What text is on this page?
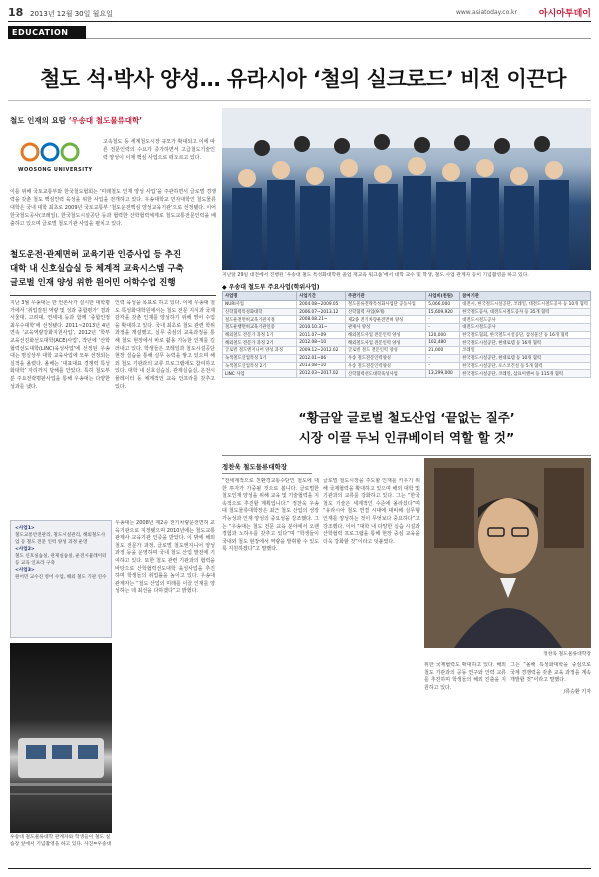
18 2013년 12월 30일 월요일	www.asiatoday.co.kr 아시아투데이
EDUCATION
철도 석·박사 양성… 유라시아 ‘철의 실크로드’ 비전 이끈다
철도 인재의 요람 ‘우송대 철도물류대학’
WOOSONG UNIVERSITY
고속철도 등 세계철도시장 규모가 확대되고 이에 따른 전문인력의 수요가 증가하면서 고급철도기술인력 양성이 이제 핵심 사업으로 떠오르고 있다.
이를 위해 국토교통부와 한국철도협회는 ‘미래철도 인재 양성 사업’을 주관하면서 글로벌 경쟁력을 갖춘 철도 핵심인력 육성을 위한 사업을 전개하고 있다. 우송대학교 민자대학인 철도물류대학은 국내 대학 최초로 2009년 국토교통부 ‘철도운전핵심 양성교육기관’으로 선정됐다. 이어 한국철도공사(코레일), 한국철도시설공단 등과 협력한 산학협력체계로 철도교통전문인력을 배출하고 있으며 글로벌 철도기관 사업을 펼치고 있다.
지난달 29일 대전에서 진행된 ‘우송대 철도 특성화대학원 졸업 재교육 워크숍’에서 대학 교수 및 학생, 철도 사업 관계자 등이 기념촬영을 하고 있다.
철도운전·관제면허 교육기관 인증사업 등 추진
대학 내 신호실습실 등 체계적 교육시스템 구축
글로벌 인재 양성 위한 원어민 어학수업 진행
지난 3월 우송대는 한 언론사가 실시한 대학평가에서 ‘취업잘된 역량 및 성과 종합평가’ 결과 서울대, 고려대, 연세대 등과 함께 ‘종합인정 최우수대학’에 선정됐다. 2011~2013년 4년 연속 ‘교육역량강화지원사업’, 2012년 ‘학부교육선진화선도대학(ACE)사업’, 작년에 ‘산학협력선도대학(LINC)육성사업’에 선정된 우송대는 명실상부 대학 교육사업에 모두 선정되는 실적을 올렸다. 올해는 ‘대표대표 경쟁력 특성화대학’ 자리까지 당해를 안았다. 특히 철도부분 주요전략평판사업을 통해 우송대는 다양한 성과를 냈다.
인력 육성을 목표로 하고 있다. 이에 우송대 철도 특성화대학원에서는 철도 전문 지식과 국제 감각을 갖춘 인재를 양성하기 위해 영어 수업을 확대하고 있다. 국내 최초로 철도 관련 학위 과정을 개설했고, 실무 중심의 교육과정을 통해 철도 현장에서 바로 활용 가능한 인재를 길러내고 있다. 학생들은 코레일과 철도시설공단 현장 실습을 통해 실무 능력을 쌓고 있으며 해외 철도 기관과의 교류 프로그램에도 참여하고 있다. 대학 내 신호실습실, 관제실습실, 운전시뮬레이터 등 체계적인 교육 인프라를 갖추고 있다.
<사업1>
철도교통안전관리, 철도시설관리, 해외철도사업 등 철도 전문 인력 양성 과정 운영
<사업2>
철도 신호실습실, 관제실습실, 운전시뮬레이터 등 교육 인프라 구축
<사업3>
원어민 교수진 영어 수업, 해외 철도 기관 연수
우송대는 2008년 제2종 전기차량운전면허 교육기관으로 지정됐으며 2010년에는 철도교통관제사 교육기관 인증을 받았다. 이 밖에 해외철도 전문가 과정, 글로벌 철도엔지니어 양성 과정 등을 운영하며 국내 철도 산업 발전에 기여하고 있다. 또한 철도 관련 기관과의 협력을 바탕으로 산학협력선도대학 육성사업을 추진하며 학생들의 취업률을 높이고 있다. 우송대 관계자는 “철도 산업의 미래를 이끌 인재를 양성하는 데 최선을 다하겠다”고 밝혔다.
우송대 철도물류대학 관계자와 학생들이 철도 실습장 앞에서 기념촬영을 하고 있다. 사진=우송대
◆ 우송대 철도부 주요사업(학위사업)
사업명	사업기간	주관기관	사업비(천원)	참여기관
NURI사업	2004.08~2009.05	철도물류전략특성화사업단 공동사업	5,066,000	대전시, 한국철도시설공단, 코레일, 대전도시철도공사 등 10개 협력
신학협력특성화대학	2006.07~2013.12	산학협력 사업(9개)	15,609,920	한국철도공사, 대전도시철도공사 등 35개 협력
철도운전면허교육기관지정	2008.08.21~	제2종 전기차량운전면허 양성	-	대전도시철도공사
철도운행면허교육기관인증	2010.10.31~	관제사 양성	-	대전도시철도공사
해외철도 전문가 과정 1기	2011.07~09	해외철도사업 전문인력 양성	120,000	한국철도협회, 한국철도시설공단, 삼성물산 등 16개 협력
해외철도 전문가 과정 2기	2012.08~10	해외철도사업 전문인력 양성	102,480	한국철도시설공단, 현대로템 등 16개 협력
글로벌 철도엔지니어 양성 과정	2009.12~2012.02	글로벌 철도 전문인력 양성	21,000	코레일
녹색철도산업특성 1기	2012.01~06	우송 철도전문인력양성	-	한국철도시설공단, 현대로템 등 10개 협력
녹색철도산업특성 2기	2013.08~10	우송 철도전문인력양성	-	한국철도시설공단, 포스코건설 등 5개 협력
LINC 사업	2012.03~2017.02	산학협력선도대학육성사업	13,299,000	한국철도시설공단, 코레일, 삼표이앤씨 등 115개 협력
“황금알 글로벌 철도산업 ‘끝없는 질주’
시장 이끌 두뇌 인큐베이터 역할 할 것”
정찬욱 철도물류대학장
“전세계적으로 친환경교통수단인 철도에 대한 투자가 가중될 것으로 봅니다. 글로벌한 철도인재 양성을 위해 교육 및 기술협력을 지속적으로 추진할 계획입니다.” 정찬욱 우송대 철도물류대학장은 최근 철도 산업의 성장 가능성과 인재 양성의 중요성을 강조했다. 그는 “우송대는 철도 전문 교육 분야에서 오랜 경험과 노하우를 갖추고 있다”며 “학생들이 국내외 철도 현장에서 역량을 발휘할 수 있도록 지원하겠다”고 말했다.
글로벌 철도시장을 주도할 인재를 키우기 위해 국제협력을 확대하고 있으며 해외 대학 및 기관과의 교류를 강화하고 있다. 그는 “한국 철도 기술은 세계적인 수준에 올라섰다”며 “유라시아 철도 연결 시대에 대비해 실무형 인재를 양성하는 것이 무엇보다 중요하다”고 강조했다. 이어 “대학 내 다양한 실습 시설과 산학협력 프로그램을 통해 현장 중심 교육을 더욱 강화할 것”이라고 덧붙였다.
정찬욱 철도물류대학장
위한 국제협력도 확대하고 있다. 해외 철도 기관과의 공동 연구와 인력 교류를 추진하며 학생들의 해외 진출을 지원하고 있다.
그는 “올해 특성화대학을 중심으로 국제 경쟁력을 갖춘 교육 과정을 계속 개발할 것”이라고 말했다.
/류승환 기자
